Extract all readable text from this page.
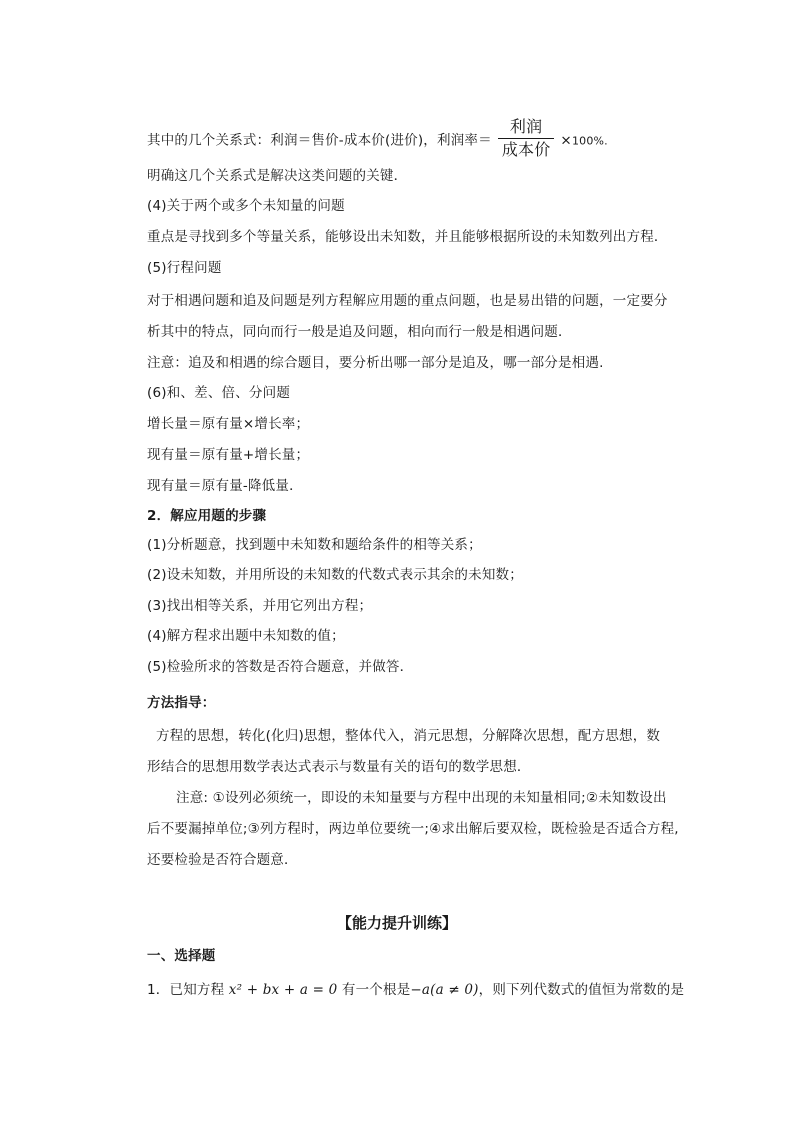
其中的几个关系式：利润＝售价-成本价(进价)，利润率＝ $\frac{\text{利润}}{\text{成本价}} \times 100\%$.
明确这几个关系式是解决这类问题的关键．
(4)关于两个或多个未知量的问题
重点是寻找到多个等量关系，能够设出未知数，并且能够根据所设的未知数列出方程．
(5)行程问题
对于相遇问题和追及问题是列方程解应用题的重点问题，也是易出错的问题，一定要分
析其中的特点，同向而行一般是追及问题，相向而行一般是相遇问题．
注意：追及和相遇的综合题目，要分析出哪一部分是追及，哪一部分是相遇.
(6)和、差、倍、分问题
增长量＝原有量×增长率；
现有量＝原有量+增长量；
现有量＝原有量-降低量．
2．解应用题的步骤
(1)分析题意，找到题中未知数和题给条件的相等关系；
(2)设未知数，并用所设的未知数的代数式表示其余的未知数；
(3)找出相等关系，并用它列出方程；
(4)解方程求出题中未知数的值；
(5)检验所求的答数是否符合题意，并做答．
方法指导：
方程的思想，转化(化归)思想，整体代入，消元思想，分解降次思想，配方思想，数
形结合的思想用数学表达式表示与数量有关的语句的数学思想．
注意: ①设列必须统一，即设的未知量要与方程中出现的未知量相同;②未知数设出
后不要漏掉单位;③列方程时，两边单位要统一;④求出解后要双检，既检验是否适合方程,
还要检验是否符合题意．
【能力提升训练】
一、选择题
1．已知方程 x² + bx + a = 0 有一个根是−a(a ≠ 0)，则下列代数式的值恒为常数的是
